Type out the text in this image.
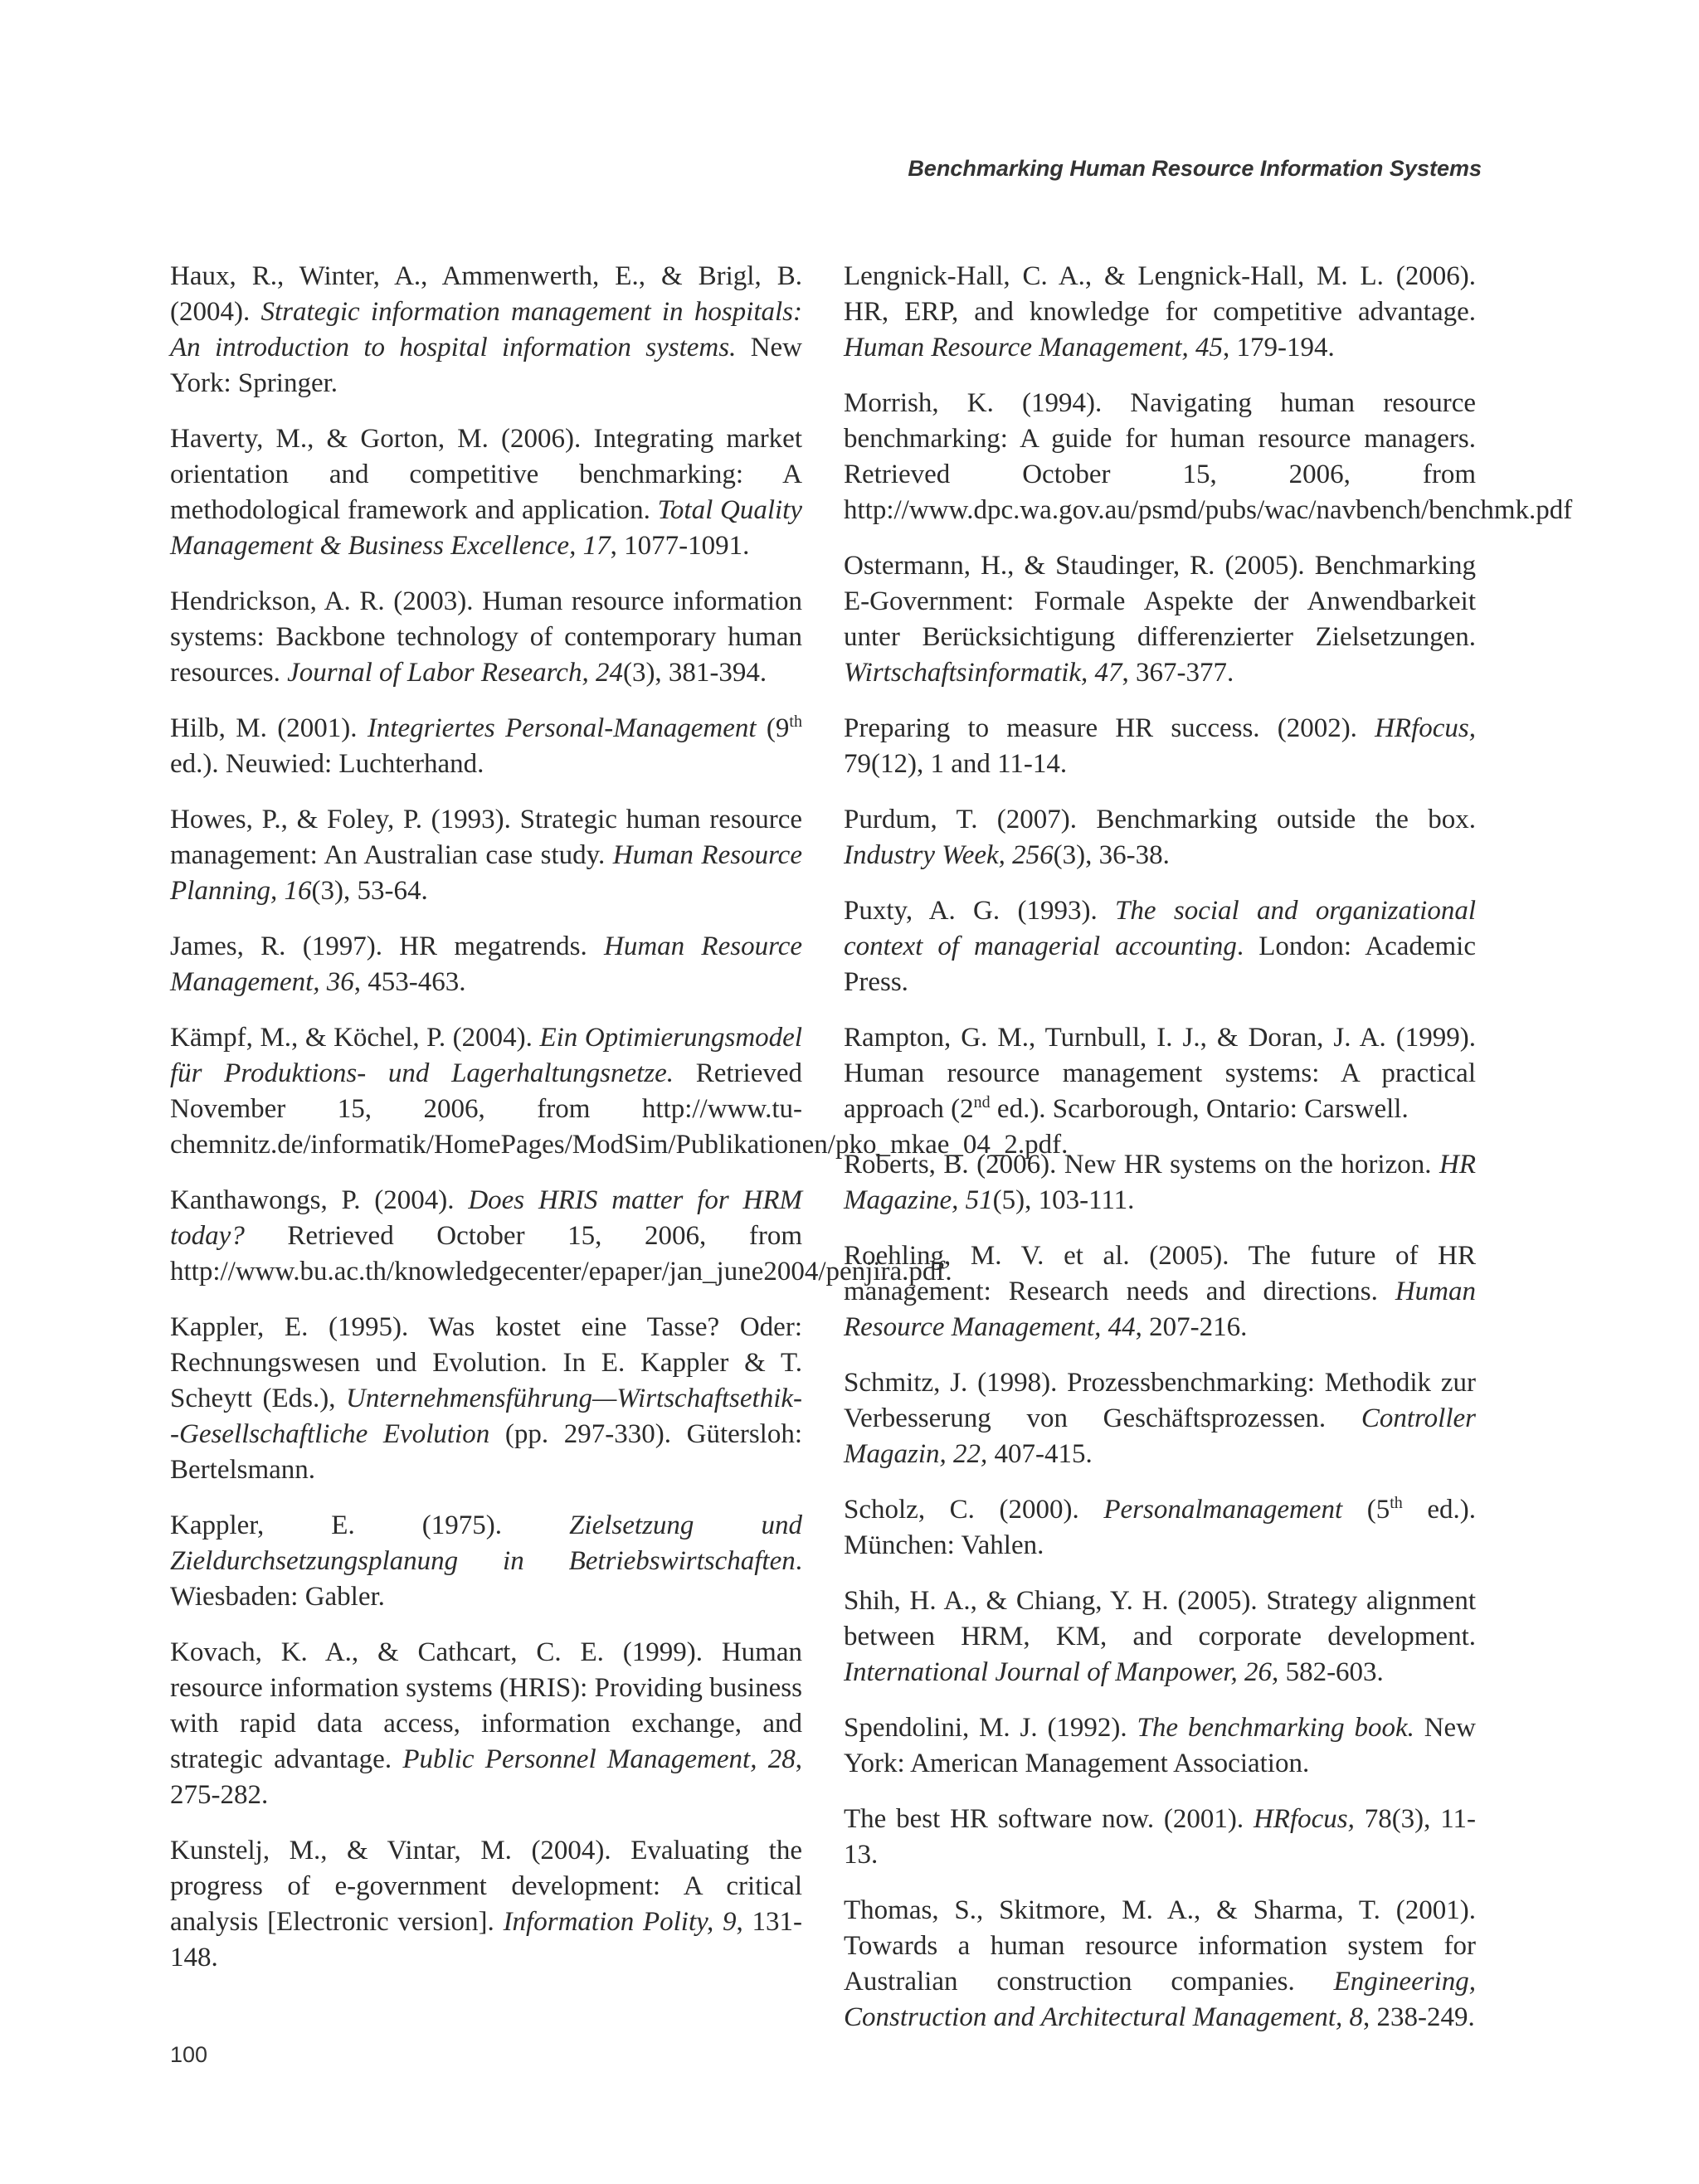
Benchmarking Human Resource Information Systems

Haux, R., Winter, A., Ammenwerth, E., & Brigl, B. (2004). Strategic information management in hospitals: An introduction to hospital information systems. New York: Springer.

Haverty, M., & Gorton, M. (2006). Integrating market orientation and competitive benchmarking: A methodological framework and application. Total Quality Management & Business Excellence, 17, 1077-1091.

Hendrickson, A. R. (2003). Human resource information systems: Backbone technology of contemporary human resources. Journal of Labor Research, 24(3), 381-394.

Hilb, M. (2001). Integriertes Personal-Management (9th ed.). Neuwied: Luchterhand.

Howes, P., & Foley, P. (1993). Strategic human resource management: An Australian case study. Human Resource Planning, 16(3), 53-64.

James, R. (1997). HR megatrends. Human Resource Management, 36, 453-463.

Kämpf, M., & Köchel, P. (2004). Ein Optimierungsmodel für Produktions- und Lagerhaltungsnetze. Retrieved November 15, 2006, from http://www.tu-chemnitz.de/informatik/HomePages/ModSim/Publikationen/pko_mkae_04_2.pdf.

Kanthawongs, P. (2004). Does HRIS matter for HRM today? Retrieved October 15, 2006, from http://www.bu.ac.th/knowledgecenter/epaper/jan_june2004/penjira.pdf.

Kappler, E. (1995). Was kostet eine Tasse? Oder: Rechnungswesen und Evolution. In E. Kappler & T. Scheytt (Eds.), Unternehmensführung—Wirtschaftsethik--Gesellschaftliche Evolution (pp. 297-330). Gütersloh: Bertelsmann.

Kappler, E. (1975). Zielsetzung und Zieldurchsetzungsplanung in Betriebswirtschaften. Wiesbaden: Gabler.

Kovach, K. A., & Cathcart, C. E. (1999). Human resource information systems (HRIS): Providing business with rapid data access, information exchange, and strategic advantage. Public Personnel Management, 28, 275-282.

Kunstelj, M., & Vintar, M. (2004). Evaluating the progress of e-government development: A critical analysis [Electronic version]. Information Polity, 9, 131-148.

Lengnick-Hall, C. A., & Lengnick-Hall, M. L. (2006). HR, ERP, and knowledge for competitive advantage. Human Resource Management, 45, 179-194.

Morrish, K. (1994). Navigating human resource benchmarking: A guide for human resource managers. Retrieved October 15, 2006, from http://www.dpc.wa.gov.au/psmd/pubs/wac/navbench/benchmk.pdf

Ostermann, H., & Staudinger, R. (2005). Benchmarking E-Government: Formale Aspekte der Anwendbarkeit unter Berücksichtigung differenzierter Zielsetzungen. Wirtschaftsinformatik, 47, 367-377.

Preparing to measure HR success. (2002). HRfocus, 79(12), 1 and 11-14.

Purdum, T. (2007). Benchmarking outside the box. Industry Week, 256(3), 36-38.

Puxty, A. G. (1993). The social and organizational context of managerial accounting. London: Academic Press.

Rampton, G. M., Turnbull, I. J., & Doran, J. A. (1999). Human resource management systems: A practical approach (2nd ed.). Scarborough, Ontario: Carswell.

Roberts, B. (2006). New HR systems on the horizon. HR Magazine, 51(5), 103-111.

Roehling, M. V. et al. (2005). The future of HR management: Research needs and directions. Human Resource Management, 44, 207-216.

Schmitz, J. (1998). Prozessbenchmarking: Methodik zur Verbesserung von Geschäftsprozessen. Controller Magazin, 22, 407-415.

Scholz, C. (2000). Personalmanagement (5th ed.). München: Vahlen.

Shih, H. A., & Chiang, Y. H. (2005). Strategy alignment between HRM, KM, and corporate development. International Journal of Manpower, 26, 582-603.

Spendolini, M. J. (1992). The benchmarking book. New York: American Management Association.

The best HR software now. (2001). HRfocus, 78(3), 11-13.

Thomas, S., Skitmore, M. A., & Sharma, T. (2001). Towards a human resource information system for Australian construction companies. Engineering, Construction and Architectural Management, 8, 238-249.

100
